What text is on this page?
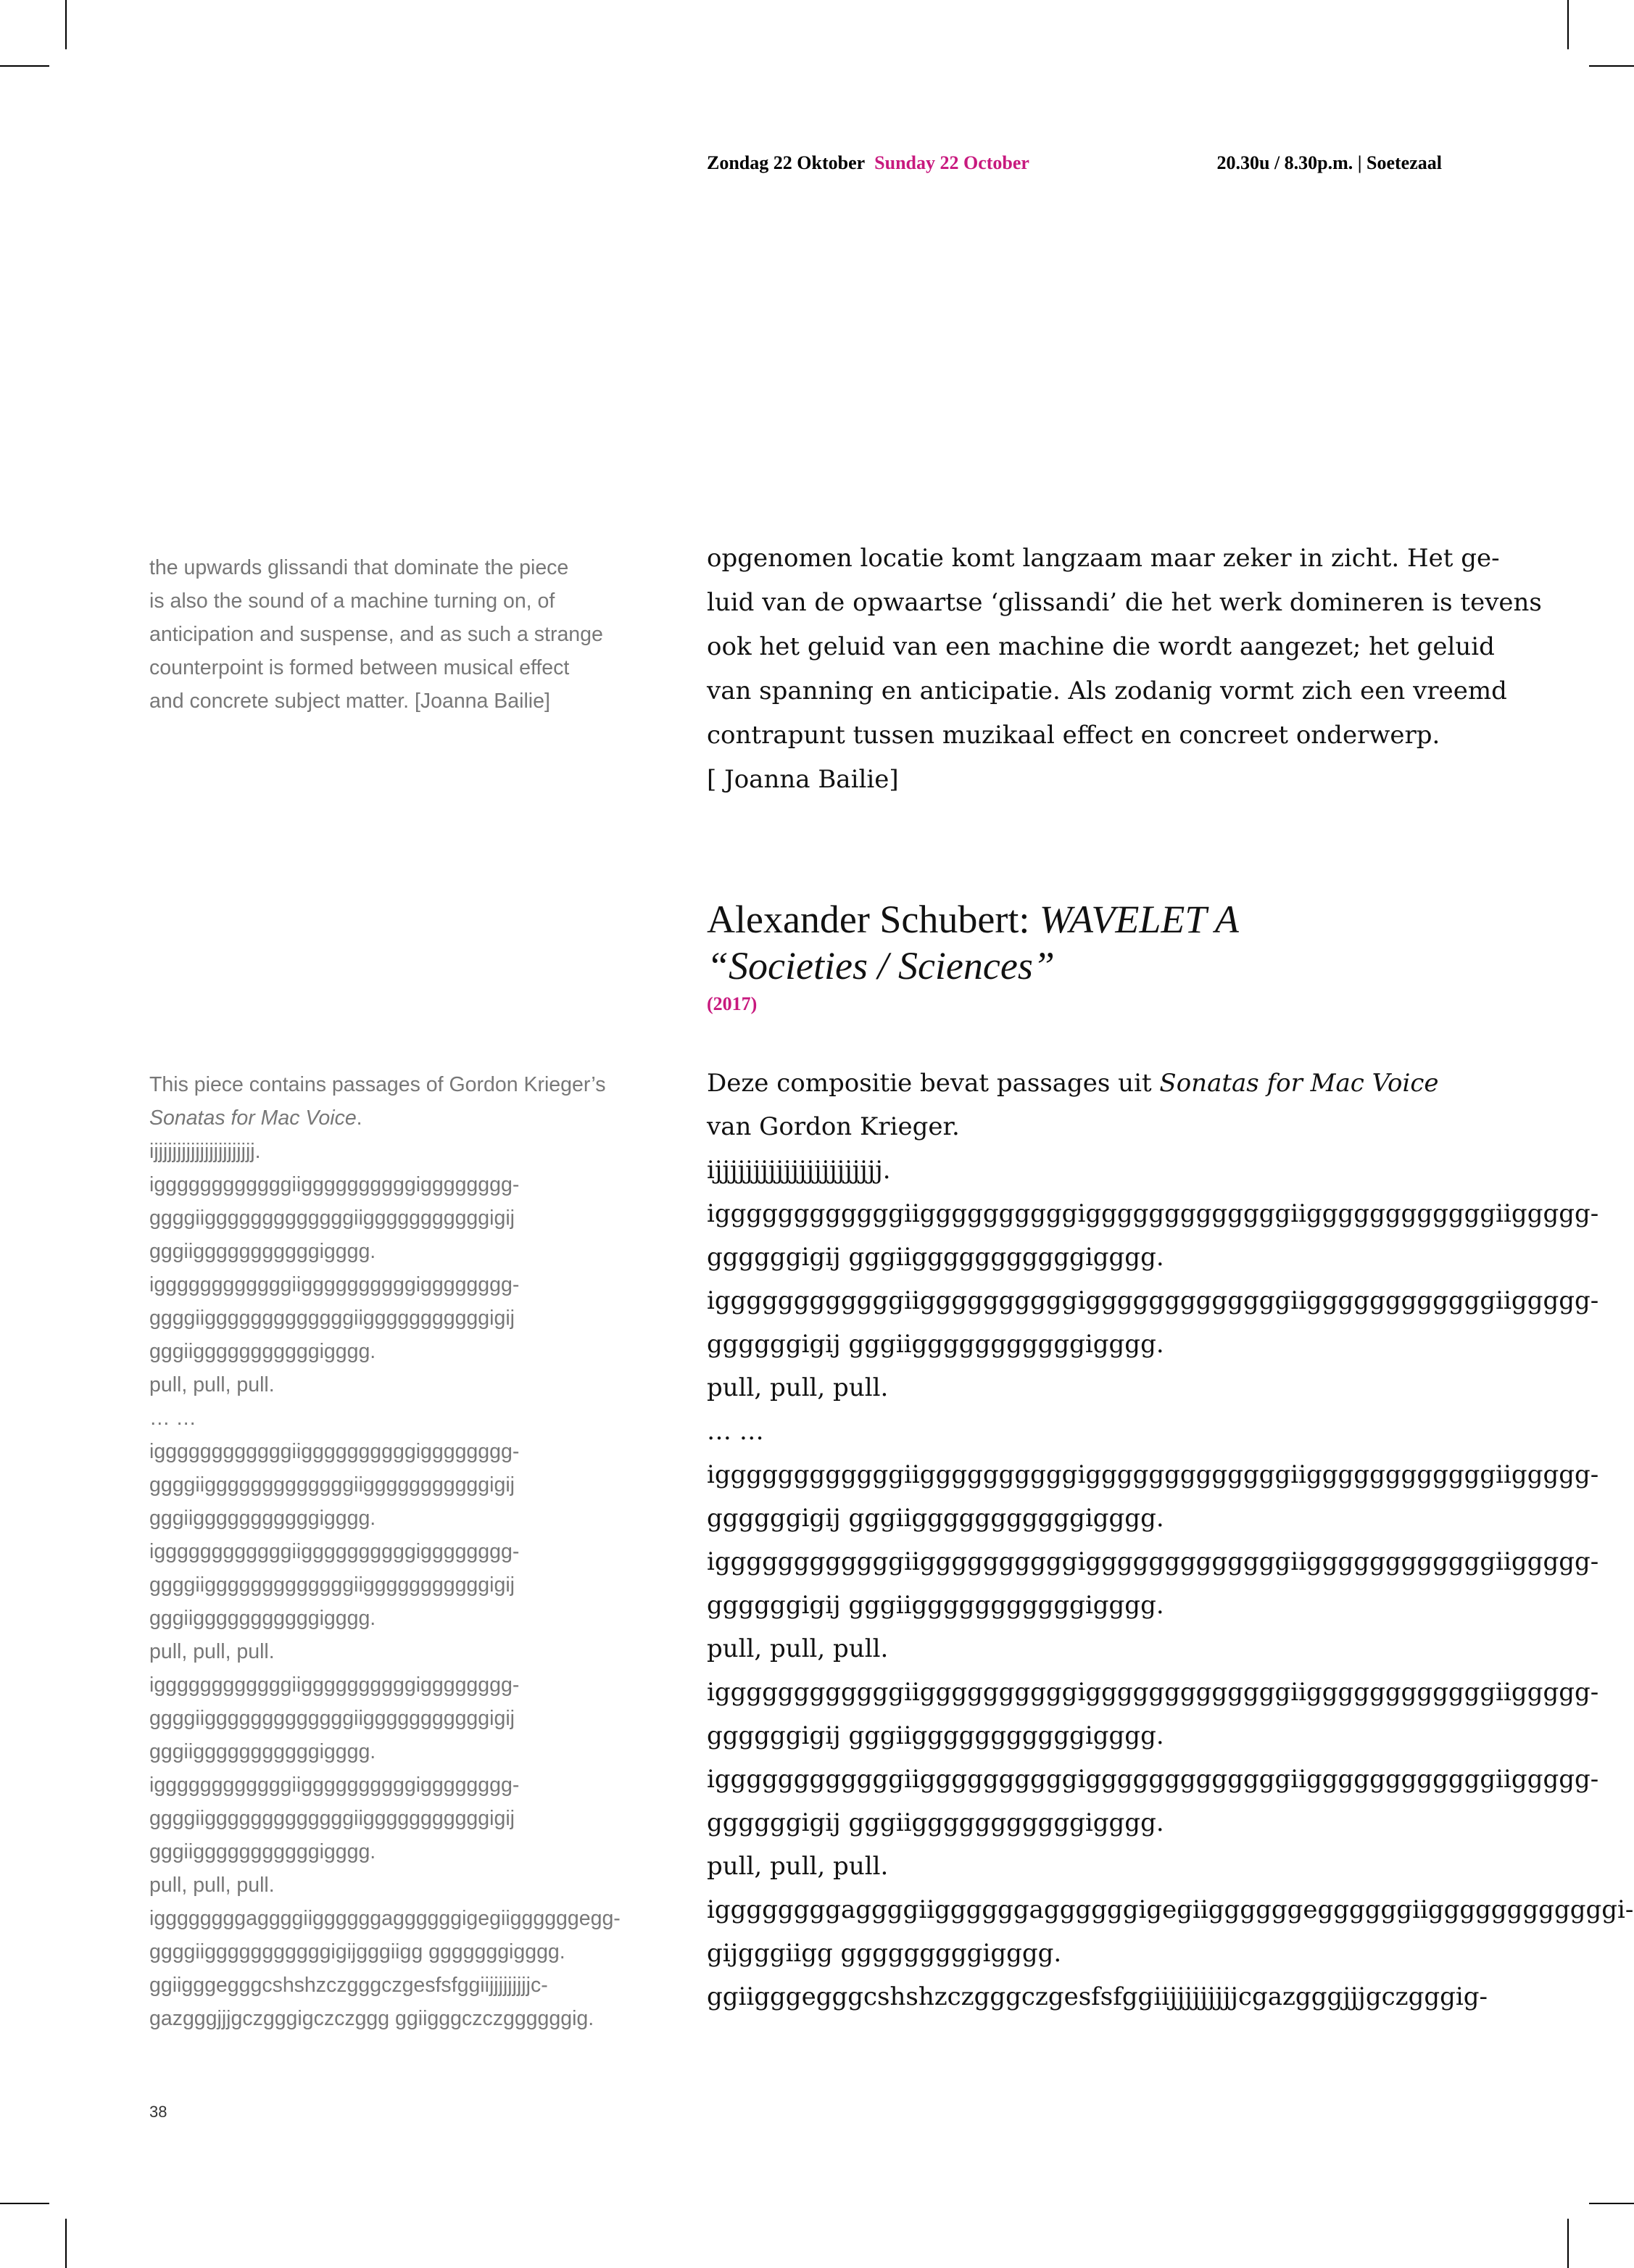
Zondag 22 Oktober Sunday 22 October	20.30u / 8.30p.m. | Soetezaal
the upwards glissandi that dominate the piece
is also the sound of a machine turning on, of
anticipation and suspense, and as such a strange
counterpoint is formed between musical effect
and concrete subject matter. [Joanna Bailie]
opgenomen locatie komt langzaam maar zeker in zicht. Het ge-
luid van de opwaartse ‘glissandi’ die het werk domineren is tevens
ook het geluid van een machine die wordt aangezet; het geluid
van spanning en anticipatie. Als zodanig vormt zich een vreemd
contrapunt tussen muzikaal effect en concreet onderwerp.
[ Joanna Bailie]
Alexander Schubert: WAVELET A
“Societies / Sciences”
(2017)
This piece contains passages of Gordon Krieger’s
Sonatas for Mac Voice.
ijjjjjjjjjjjjjjjjjjjjjj.
iggggggggggggiiggggggggggigggggggg-
ggggiigggggggggggggiigggggggggggigij
gggiigggggggggggigggg.
iggggggggggggiiggggggggggigggggggg-
ggggiigggggggggggggiigggggggggggigij
gggiigggggggggggigggg.
pull, pull, pull.
… …
iggggggggggggiiggggggggggigggggggg-
ggggiigggggggggggggiigggggggggggigij
gggiigggggggggggigggg.
iggggggggggggiiggggggggggigggggggg-
ggggiigggggggggggggiigggggggggggigij
gggiigggggggggggigggg.
pull, pull, pull.
iggggggggggggiiggggggggggigggggggg-
ggggiigggggggggggggiigggggggggggigij
gggiigggggggggggigggg.
iggggggggggggiiggggggggggigggggggg-
ggggiigggggggggggggiigggggggggggigij
gggiigggggggggggigggg.
pull, pull, pull.
iggggggggaggggiiggggggaggggggigegiiggggggegg-
ggggiigggggggggggigijgggiigg gggggggigggg.
ggiigggegggcshshzczgggczgesfsfggiijjjjjjjjjc-
gazgggjjjgczgggigczczggg ggiigggczczggggggig.
Deze compositie bevat passages uit Sonatas for Mac Voice
van Gordon Krieger.
ijjjjjjjjjjjjjjjjjjjjjj.
iggggggggggggiiggggggggggigggggggggggggiiggggggggggggiiggggg-
ggggggigij gggiigggggggggggigggg.
iggggggggggggiiggggggggggigggggggggggggiiggggggggggggiiggggg-
ggggggigij gggiigggggggggggigggg.
pull, pull, pull.
… …
iggggggggggggiiggggggggggigggggggggggggiiggggggggggggiiggggg-
ggggggigij gggiigggggggggggigggg.
iggggggggggggiiggggggggggigggggggggggggiiggggggggggggiiggggg-
ggggggigij gggiigggggggggggigggg.
pull, pull, pull.
iggggggggggggiiggggggggggigggggggggggggiiggggggggggggiiggggg-
ggggggigij gggiigggggggggggigggg.
iggggggggggggiiggggggggggigggggggggggggiiggggggggggggiiggggg-
ggggggigij gggiigggggggggggigggg.
pull, pull, pull.
iggggggggaggggiiggggggaggggggigegiiggggggeggggggiiggggggggggggi-
gijgggiigg gggggggggigggg.
ggiigggegggcshshzczgggczgesfsfggiijjjjjjjjjcgazgggjjjgczgggig-
38
